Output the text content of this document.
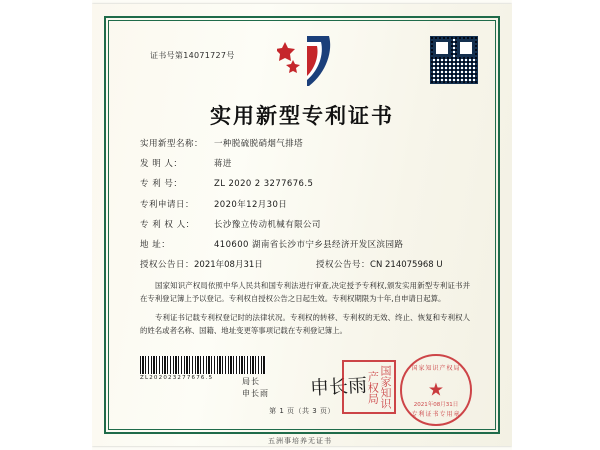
证书号第14071727号
实用新型专利证书
实用新型名称：	一种脱硫脱硝烟气排塔
发 明 人：	蒋进
专 利 号：	ZL 2020 2 3277676.5
专利申请日：	2020年12月30日
专 利 权 人：	长沙豫立传动机械有限公司
地 址：	410600 湖南省长沙市宁乡县经济开发区滨园路
授权公告日： 2021年08月31日	授权公告号： CN 214075968 U

国家知识产权局依照中华人民共和国专利法进行审查,决定授予专利权,颁发实用新型专利证书并在专利登记簿上予以登记。专利权自授权公告之日起生效。专利权期限为十年,自申请日起算。

专利证书记载专利权登记时的法律状况。专利权的转移、专利权的无效、终止、恢复和专利权人的姓名或者名称、国籍、地址变更等事项记载在专利登记簿上。

ZL202023277676.5	局长
申长雨 申长雨	国家知识产权局
国家知识产权局
★
2021年08月31日
专利证书专用章
第 1 页（共 3 页）
五洲事培养无证书
